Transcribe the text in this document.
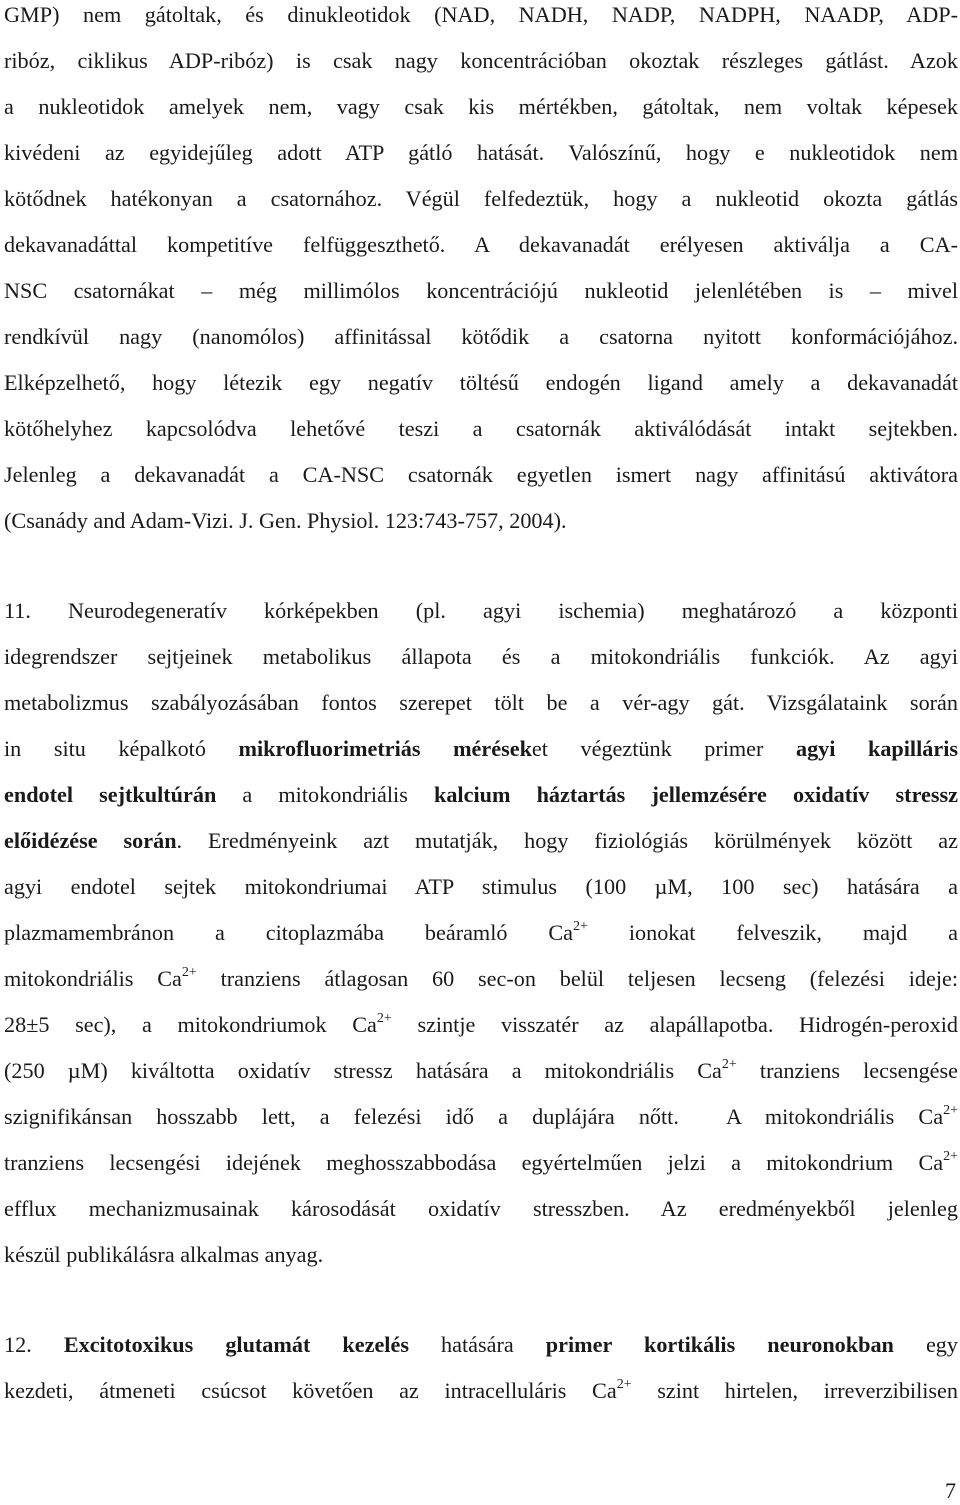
GMP) nem gátoltak, és dinukleotidok (NAD, NADH, NADP, NADPH, NAADP, ADP-
ribóz, ciklikus ADP-ribóz) is csak nagy koncentrációban okoztak részleges gátlást. Azok
a nukleotidok amelyek nem, vagy csak kis mértékben, gátoltak, nem voltak képesek
kivédeni az egyidejűleg adott ATP gátló hatását. Valószínű, hogy e nukleotidok nem
kötődnek hatékonyan a csatornához. Végül felfedeztük, hogy a nukleotid okozta gátlás
dekavanadáttal kompetitíve felfüggeszthető. A dekavanadát erélyesen aktiválja a CA-
NSC csatornákat – még millimólos koncentrációjú nukleotid jelenlétében is – mivel
rendkívül nagy (nanomólos) affinitással kötődik a csatorna nyitott konformációjához.
Elképzelhető, hogy létezik egy negatív töltésű endogén ligand amely a dekavanadát
kötőhelyhez kapcsolódva lehetővé teszi a csatornák aktiválódását intakt sejtekben.
Jelenleg a dekavanadát a CA-NSC csatornák egyetlen ismert nagy affinitású aktivátora
(Csanády and Adam-Vizi. J. Gen. Physiol. 123:743-757, 2004).
11. Neurodegeneratív kórképekben (pl. agyi ischemia) meghatározó a központi
idegrendszer sejtjeinek metabolikus állapota és a mitokondriális funkciók. Az agyi
metabolizmus szabályozásában fontos szerepet tölt be a vér-agy gát. Vizsgálataink során
in situ képalkotó mikrofluorimetriás méréseket végeztünk primer agyi kapilláris
endotel sejtkultúrán a mitokondriális kalcium háztartás jellemzésére oxidatív stressz
előidézése során. Eredményeink azt mutatják, hogy fiziológiás körülmények között az
agyi endotel sejtek mitokondriumai ATP stimulus (100 µM, 100 sec) hatására a
plazmamembránon a citoplazmába beáramló $Ca^{2+}$ ionokat felveszik, majd a
mitokondriális $Ca^{2+}$ tranziens átlagosan 60 sec-on belül teljesen lecseng (felezési ideje:
28±5 sec), a mitokondriumok $Ca^{2+}$ szintje visszatér az alapállapotba. Hidrogén-peroxid
(250 µM) kiváltotta oxidatív stressz hatására a mitokondriális $Ca^{2+}$ tranziens lecsengése
szignifikánsan hosszabb lett, a felezési idő a duplájára nőtt.  A mitokondriális $Ca^{2+}$
tranziens lecsengési idejének meghosszabbodása egyértelműen jelzi a mitokondrium $Ca^{2+}$
efflux mechanizmusainak károsodását oxidatív stresszben. Az eredményekből jelenleg
készül publikálásra alkalmas anyag.
12. Excitotoxikus glutamát kezelés hatására primer kortikális neuronokban egy
kezdeti, átmeneti csúcsot követően az intracelluláris $Ca^{2+}$ szint hirtelen, irreverzibilisen
7
